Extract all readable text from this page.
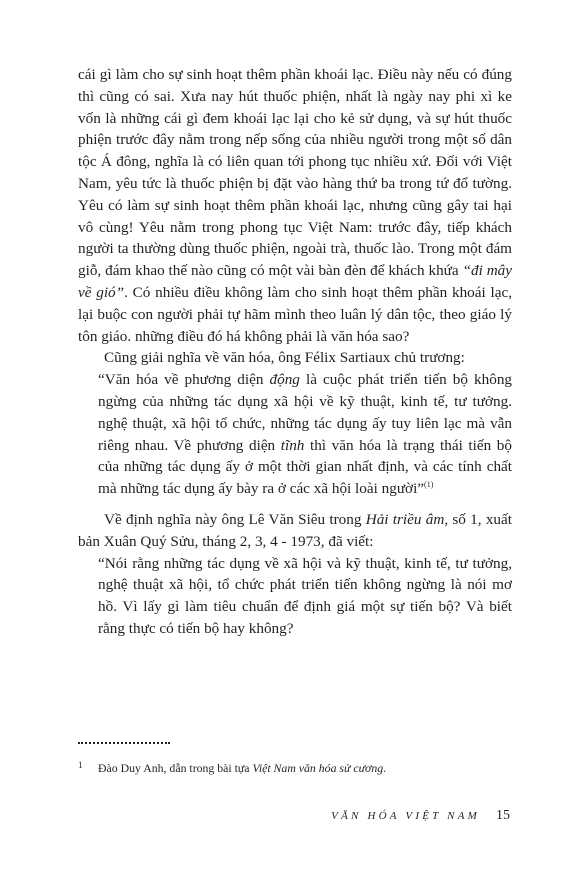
cái gì làm cho sự sinh hoạt thêm phần khoái lạc. Điều này nếu có đúng thì cũng có sai. Xưa nay hút thuốc phiện, nhất là ngày nay phi xì ke vốn là những cái gì đem khoái lạc lại cho kẻ sử dụng, và sự hút thuốc phiện trước đây nằm trong nếp sống của nhiều người trong một số dân tộc Á đông, nghĩa là có liên quan tới phong tục nhiều xứ. Đối với Việt Nam, yêu tức là thuốc phiện bị đặt vào hàng thứ ba trong tứ đổ tường. Yêu có làm sự sinh hoạt thêm phần khoái lạc, nhưng cũng gây tai hại vô cùng! Yêu nằm trong phong tục Việt Nam: trước đây, tiếp khách người ta thường dùng thuốc phiện, ngoài trà, thuốc lào. Trong một đám giỗ, đám khao thế nào cũng có một vài bàn đèn để khách khứa “đi mây về gió”. Có nhiều điều không làm cho sinh hoạt thêm phần khoái lạc, lại buộc con người phải tự hãm mình theo luân lý dân tộc, theo giáo lý tôn giáo. những điều đó há không phải là văn hóa sao?

Cũng giải nghĩa về văn hóa, ông Félix Sartiaux chủ trương:

“Văn hóa về phương diện động là cuộc phát triển tiến bộ không ngừng của những tác dụng xã hội về kỹ thuật, kinh tế, tư tưởng. nghệ thuật, xã hội tổ chức, những tác dụng ấy tuy liên lạc mà vẫn riêng nhau. Về phương diện tĩnh thì văn hóa là trạng thái tiến bộ của những tác dụng ấy ở một thời gian nhất định, và các tính chất mà những tác dụng ấy bày ra ở các xã hội loài người”$^{(1)}$

Về định nghĩa này ông Lê Văn Siêu trong Hải triều âm, số 1, xuất bản Xuân Quý Sửu, tháng 2, 3, 4 - 1973, đã viết:

“Nói rằng những tác dụng về xã hội và kỹ thuật, kinh tế, tư tưởng, nghệ thuật xã hội, tổ chức phát triển tiến không ngừng là nói mơ hồ. Vì lấy gì làm tiêu chuẩn để định giá một sự tiến bộ? Và biết rằng thực có tiến bộ hay không?

1 Đào Duy Anh, dẫn trong bài tựa Việt Nam văn hóa sử cương.
VĂN HÓA VIỆT NAM 15
